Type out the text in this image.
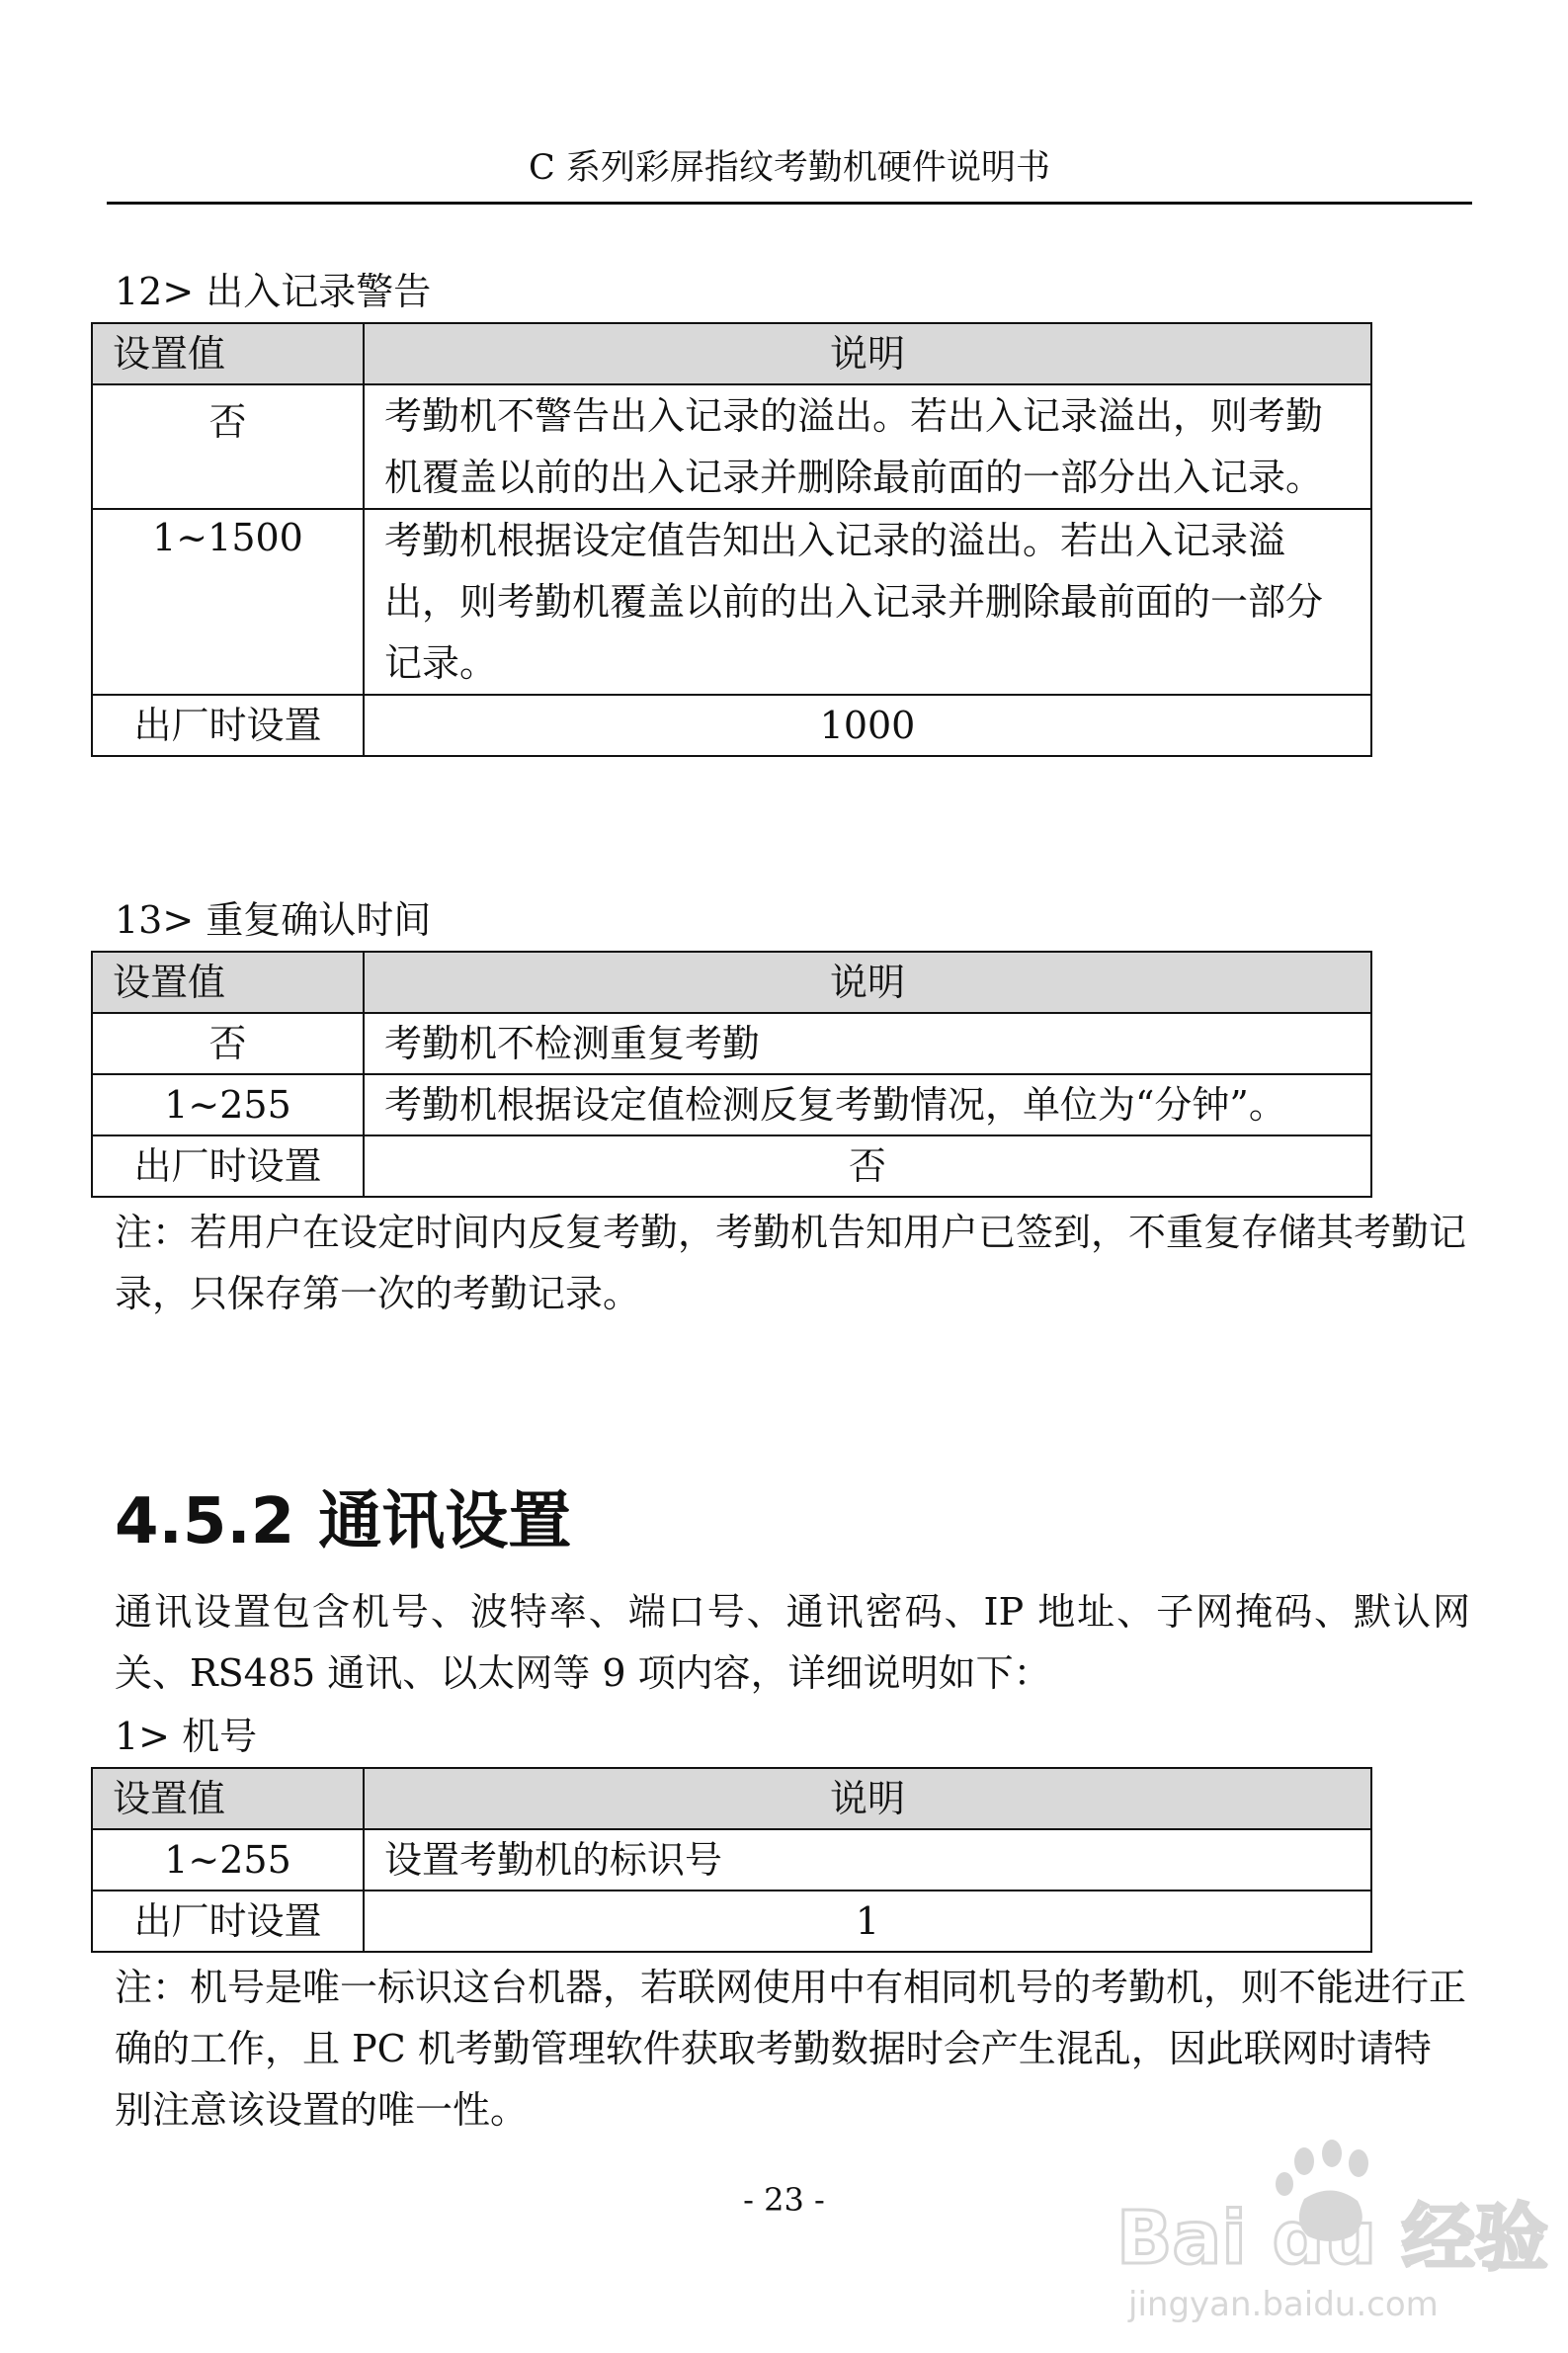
C 系列彩屏指纹考勤机硬件说明书
12> 出入记录警告
设置值	说明
否	考勤机不警告出入记录的溢出。若出入记录溢出，则考勤机覆盖以前的出入记录并删除最前面的一部分出入记录。
1~1500	考勤机根据设定值告知出入记录的溢出。若出入记录溢出，则考勤机覆盖以前的出入记录并删除最前面的一部分记录。
出厂时设置	1000
13> 重复确认时间
设置值	说明
否	考勤机不检测重复考勤
1~255	考勤机根据设定值检测反复考勤情况，单位为“分钟”。
出厂时设置	否
注：若用户在设定时间内反复考勤，考勤机告知用户已签到，不重复存储其考勤记录，只保存第一次的考勤记录。
4.5.2 通讯设置
通讯设置包含机号、波特率、端口号、通讯密码、IP 地址、子网掩码、默认网关、RS485 通讯、以太网等 9 项内容，详细说明如下：
1> 机号
设置值	说明
1~255	设置考勤机的标识号
出厂时设置	1
注：机号是唯一标识这台机器，若联网使用中有相同机号的考勤机，则不能进行正确的工作，且 PC 机考勤管理软件获取考勤数据时会产生混乱，因此联网时请特别注意该设置的唯一性。
- 23 -	Bai du 经验
jingyan.baidu.com
